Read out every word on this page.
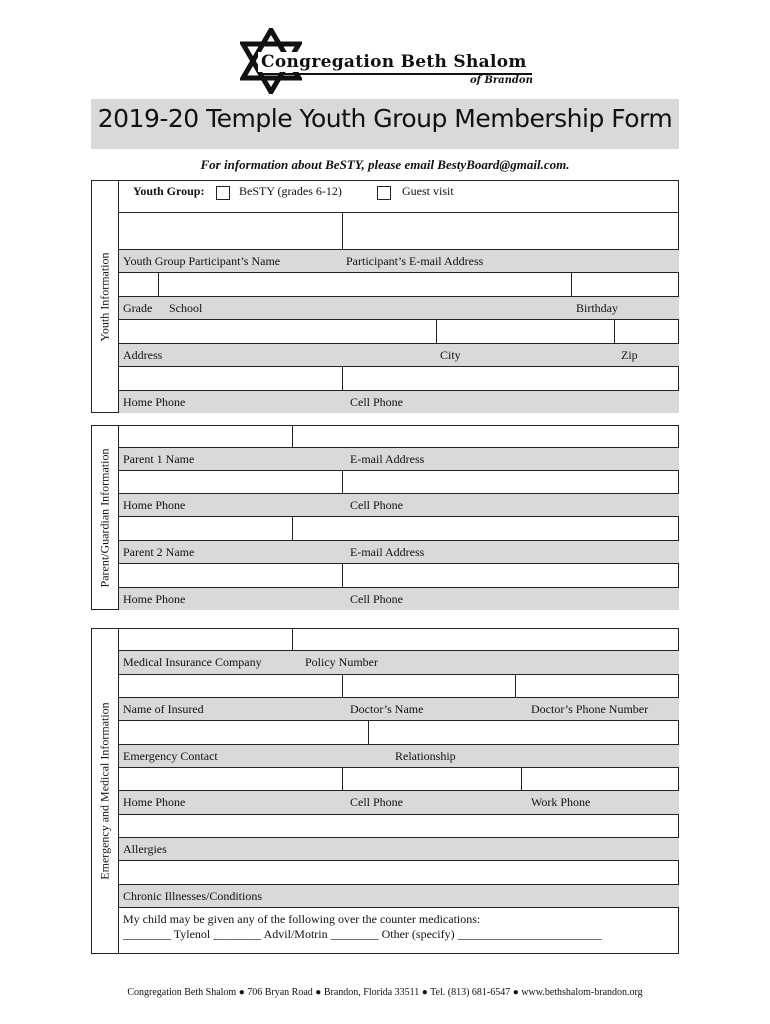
Congregation Beth Shalom
of Brandon
2019-20 Temple Youth Group Membership Form
For information about BeSTY, please email BestyBoard@gmail.com.
Youth Information
Youth Group:	BeSTY (grades 6-12)	Guest visit
Youth Group Participant’s Name	Participant’s E-mail Address
Grade School	Birthday
Address	City	Zip
Home Phone	Cell Phone
Parent/Guardian Information Parent 1 Name	E-mail Address
Home Phone	Cell Phone
Parent 2 Name	E-mail Address
Home Phone	Cell Phone
Emergency and Medical Information
Medical Insurance Company	Policy Number
Name of Insured	Doctor’s Name	Doctor’s Phone Number
Emergency Contact	Relationship
Home Phone	Cell Phone	Work Phone
Allergies
Chronic Illnesses/Conditions
My child may be given any of the following over the counter medications:
________ Tylenol ________ Advil/Motrin ________ Other (specify) ________________________
Congregation Beth Shalom ● 706 Bryan Road ● Brandon, Florida 33511 ● Tel. (813) 681-6547 ● www.bethshalom-brandon.org
